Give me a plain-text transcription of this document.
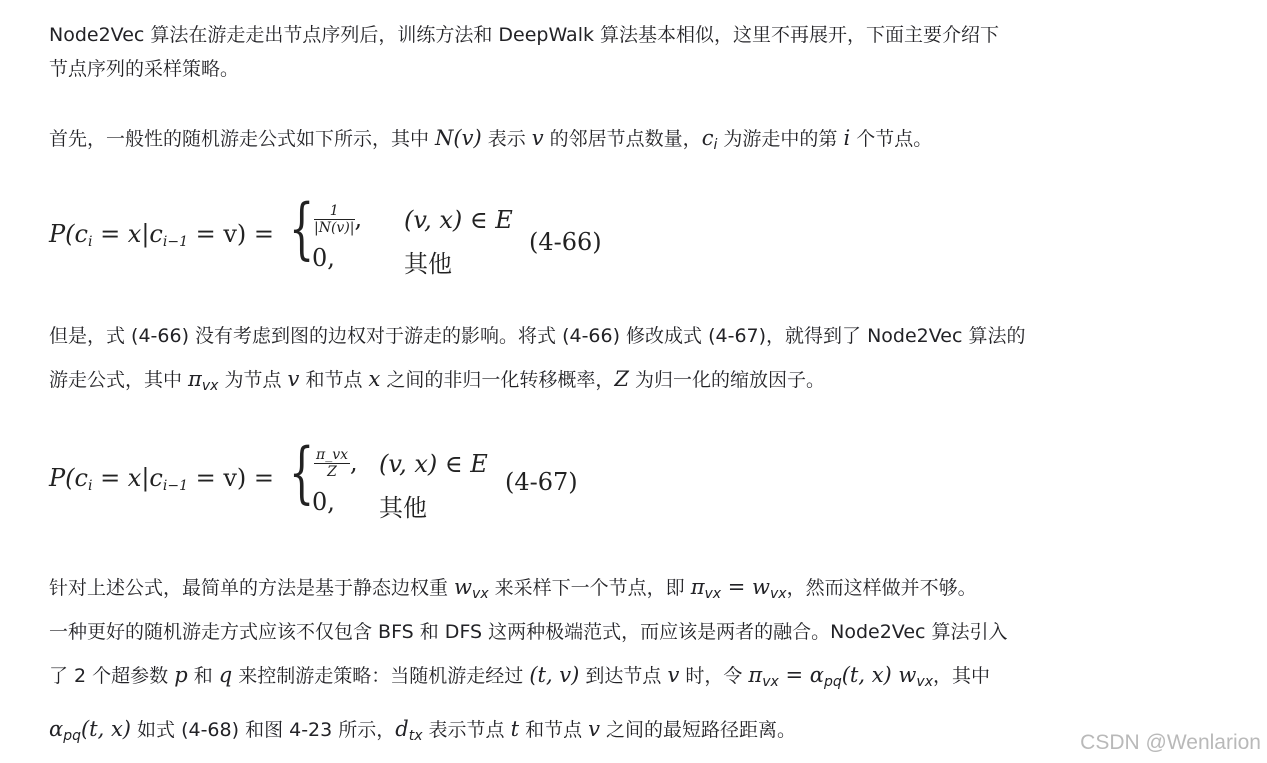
Node2Vec 算法在游走走出节点序列后，训练方法和 DeepWalk 算法基本相似，这里不再展开，下面主要介绍下
节点序列的采样策略。
首先，一般性的随机游走公式如下所示，其中 N(v) 表示 v 的邻居节点数量，$c_i$ 为游走中的第 i 个节点。
$P(c_i = x|c_{i-1} = v)$ = { $\frac{1}{|N(v)|}$ , (v, x) ∈ E
0,	其他
(4-66)
但是，式 (4-66) 没有考虑到图的边权对于游走的影响。将式 (4-66) 修改成式 (4-67)，就得到了 Node2Vec 算法的
游走公式，其中 $\pi_{vx}$ 为节点 v 和节点 x 之间的非归一化转移概率，Z 为归一化的缩放因子。
$P(c_i = x|c_{i-1} = v)$ = { $\frac{\pi\_vx}{Z}$ , (v, x) ∈ E
0, 其他
(4-67)
针对上述公式，最简单的方法是基于静态边权重 $w_{vx}$ 来采样下一个节点，即 $\pi_{vx} = w_{vx}$，然而这样做并不够。
一种更好的随机游走方式应该不仅包含 BFS 和 DFS 这两种极端范式，而应该是两者的融合。Node2Vec 算法引入
了 2 个超参数 p 和 q 来控制游走策略：当随机游走经过 (t, v) 到达节点 v 时，令 $\pi_{vx} = \alpha_{pq}(t$, x) $w_{vx}$，其中
$\alpha_{pq}(t$, x) 如式 (4-68) 和图 4-23 所示，$d_{tx}$ 表示节点 t 和节点 v 之间的最短路径距离。
CSDN @Wenlarion
